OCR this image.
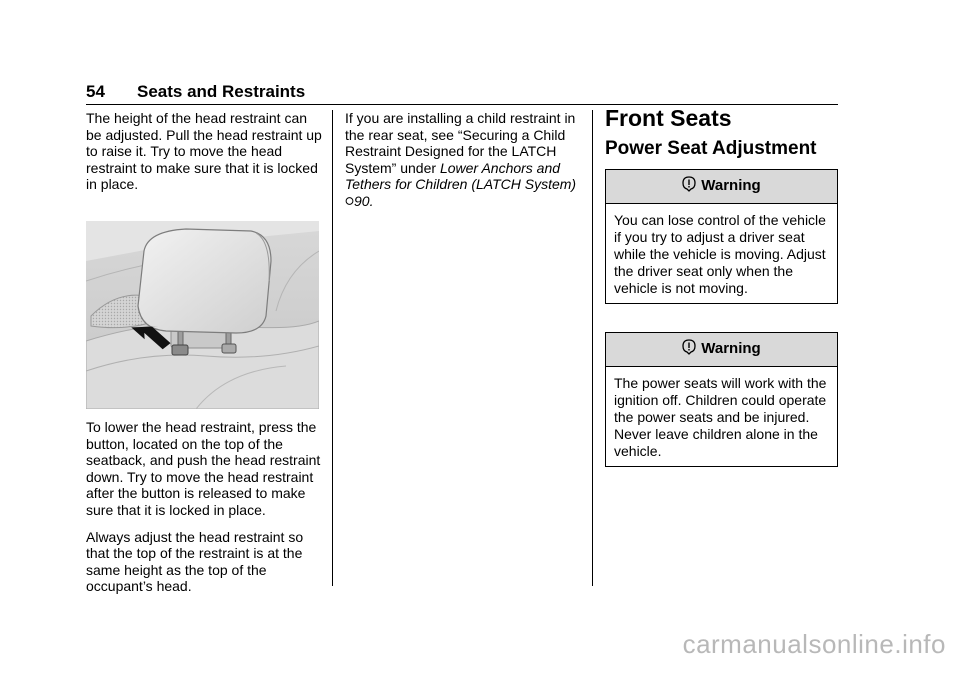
54 Seats and Restraints

The height of the head restraint can be adjusted. Pull the head restraint up to raise it. Try to move the head restraint to make sure that it is locked in place.

To lower the head restraint, press the button, located on the top of the seatback, and push the head restraint down. Try to move the head restraint after the button is released to make sure that it is locked in place.

Always adjust the head restraint so that the top of the restraint is at the same height as the top of the occupant’s head.

If you are installing a child restraint in the rear seat, see “Securing a Child Restraint Designed for the LATCH System” under Lower Anchors and Tethers for Children (LATCH System) 90.

Front Seats
Power Seat Adjustment
Warning
You can lose control of the vehicle if you try to adjust a driver seat while the vehicle is moving. Adjust the driver seat only when the vehicle is not moving.
Warning
The power seats will work with the ignition off. Children could operate the power seats and be injured. Never leave children alone in the vehicle.
carmanualsonline.info
